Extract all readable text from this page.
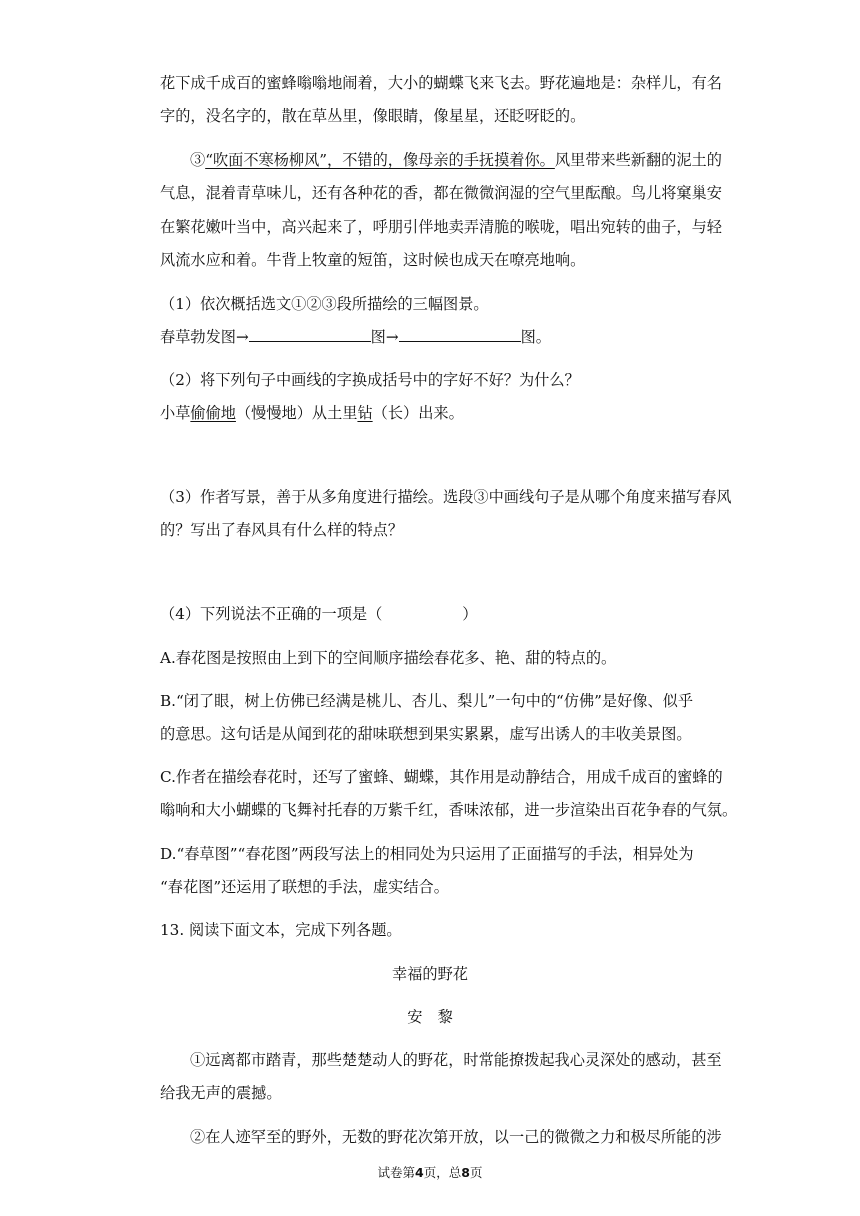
花下成千成百的蜜蜂嗡嗡地闹着，大小的蝴蝶飞来飞去。野花遍地是：杂样儿，有名
字的，没名字的，散在草丛里，像眼睛，像星星，还眨呀眨的。
③“吹面不寒杨柳风”，不错的，像母亲的手抚摸着你。风里带来些新翻的泥土的
气息，混着青草味儿，还有各种花的香，都在微微润湿的空气里酝酿。鸟儿将窠巢安
在繁花嫩叶当中，高兴起来了，呼朋引伴地卖弄清脆的喉咙，唱出宛转的曲子，与轻
风流水应和着。牛背上牧童的短笛，这时候也成天在嘹亮地响。
（1）依次概括选文①②③段所描绘的三幅图景。
春草勃发图→	图→	图。
（2）将下列句子中画线的字换成括号中的字好不好？为什么？
小草偷偷地（慢慢地）从土里钻（长）出来。
（3）作者写景，善于从多角度进行描绘。选段③中画线句子是从哪个角度来描写春风
的？写出了春风具有什么样的特点？
（4）下列说法不正确的一项是（	）
A.春花图是按照由上到下的空间顺序描绘春花多、艳、甜的特点的。
B.“闭了眼，树上仿佛已经满是桃儿、杏儿、梨儿”一句中的“仿佛”是好像、似乎
的意思。这句话是从闻到花的甜味联想到果实累累，虚写出诱人的丰收美景图。
C.作者在描绘春花时，还写了蜜蜂、蝴蝶，其作用是动静结合，用成千成百的蜜蜂的
嗡响和大小蝴蝶的飞舞衬托春的万紫千红，香味浓郁，进一步渲染出百花争春的气氛。
D.“春草图”“春花图”两段写法上的相同处为只运用了正面描写的手法，相异处为
“春花图”还运用了联想的手法，虚实结合。
13. 阅读下面文本，完成下列各题。
幸福的野花
安　黎
①远离都市踏青，那些楚楚动人的野花，时常能撩拨起我心灵深处的感动，甚至
给我无声的震撼。
②在人迹罕至的野外，无数的野花次第开放，以一己的微微之力和极尽所能的涉
试卷第4页，总8页
